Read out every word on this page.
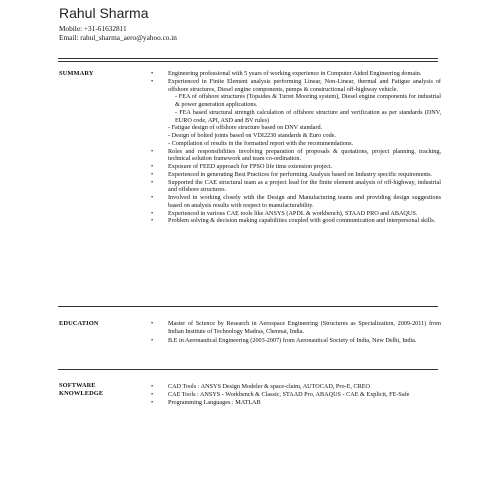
Rahul Sharma
Mobile: +31-61632811
Email: rahul_sharma_aero@yahoo.co.in
SUMMARY	• Engineering professional with 5 years of working experience in Computer Aided Engineering domain.

• Experienced in Finite Element analysis performing Linear, Non-Linear, thermal and Fatigue analysis of offshore structures, Diesel engine components, pumps & constructional off-highway vehicle.

- FEA of offshore structures (Topsides & Turret Mooring system), Diesel engine components for industrial & power generation applications.

- FEA based structural strength calculation of offshore structure and verification as per standards (DNV, EURO code, API, ASD and BV rules)

- Fatigue design of offshore structure based on DNV standard.

- Design of bolted joints based on VDI2230 standards & Euro code.

- Compilation of results in the formatted report with the recommendations.

• Roles and responsibilities involving preparation of proposals & quotations, project planning, tracking, technical solution framework and team co-ordination.

• Exposure of FEED approach for FPSO life time extension project.

• Experienced in generating Best Practices for performing Analysis based on Industry specific requirements.

• Supported the CAE structural team as a project lead for the finite element analysis of off-highway, industrial and offshore structures.

• Involved in working closely with the Design and Manufacturing teams and providing design suggestions based on analysis results with respect to manufacturability.

• Experienced in various CAE tools like ANSYS (APDL & workbench), STAAD PRO and ABAQUS.

• Problem solving & decision making capabilities coupled with good communication and interpersonal skills.

EDUCATION	• Master of Science by Research in Aerospace Engineering (Structures as Specialization, 2009-2011) from Indian Institute of Technology Madras, Chennai, India.

• B.E in Aeronautical Engineering (2003-2007) from Aeronautical Society of India, New Delhi, India.

SOFTWARE
KNOWLEDGE

• CAD Tools : ANSYS Design Modeler & space-claim, AUTOCAD, Pro-E, CREO

• CAE Tools : ANSYS - Workbench & Classic, STAAD Pro, ABAQUS - CAE & Explicit, FE-Safe

• Programming Languages : MATLAB
